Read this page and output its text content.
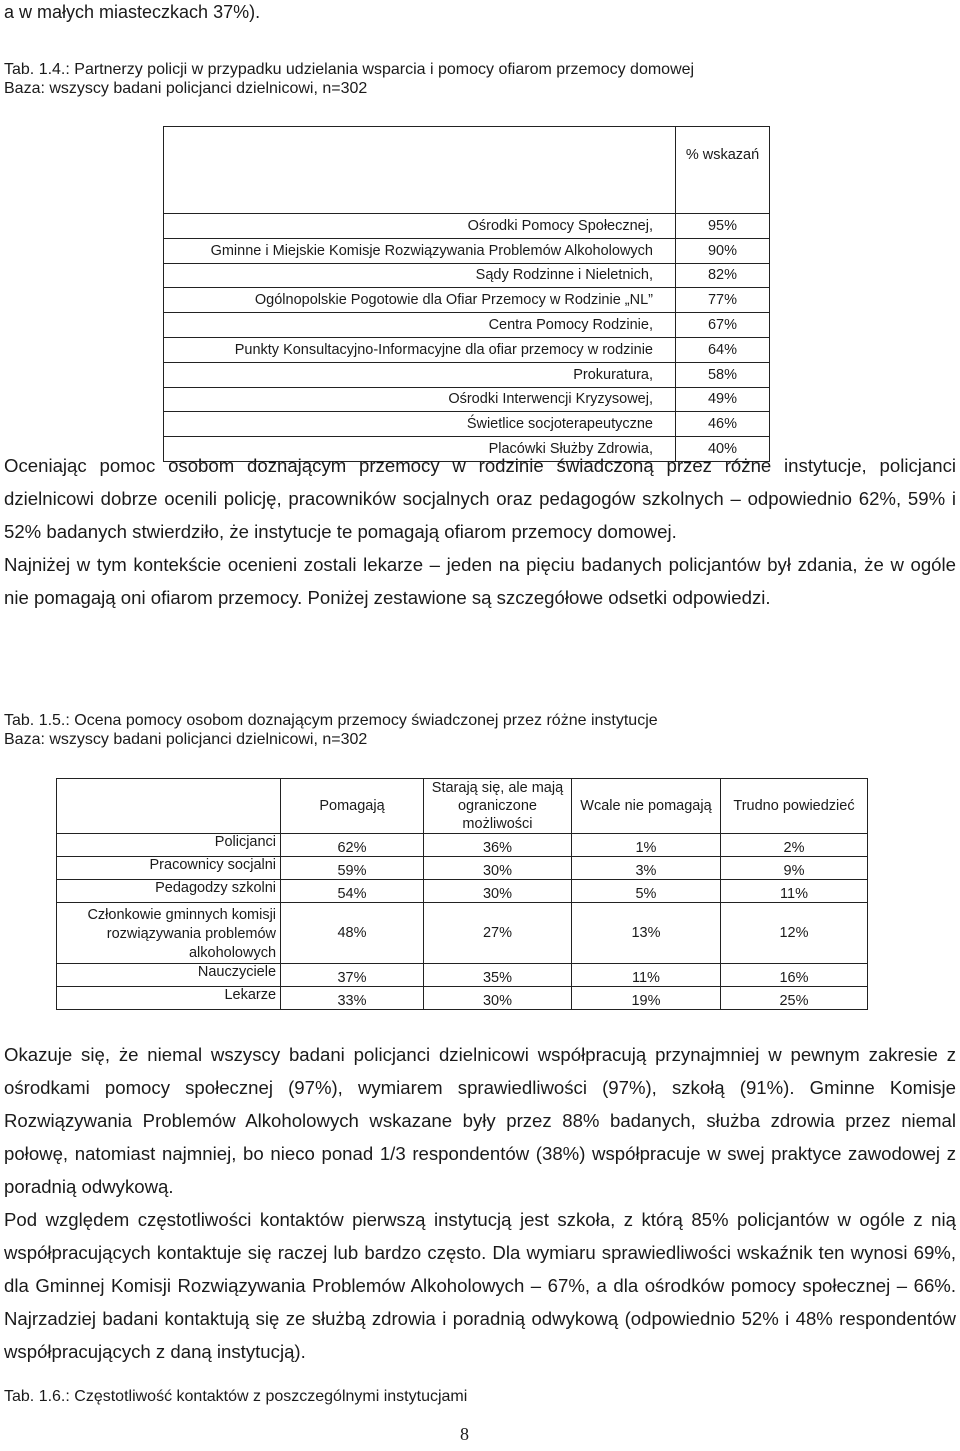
a w małych miasteczkach 37%).
Tab. 1.4.: Partnerzy policji w przypadku udzielania wsparcia i pomocy ofiarom przemocy domowej
Baza: wszyscy badani policjanci dzielnicowi, n=302
	% wskazań
Ośrodki Pomocy Społecznej,	95%
Gminne i Miejskie Komisje Rozwiązywania Problemów Alkoholowych	90%
Sądy Rodzinne i Nieletnich,	82%
Ogólnopolskie Pogotowie dla Ofiar Przemocy w Rodzinie „NL”	77%
Centra Pomocy Rodzinie,	67%
Punkty Konsultacyjno-Informacyjne dla ofiar przemocy w rodzinie	64%
Prokuratura,	58%
Ośrodki Interwencji Kryzysowej,	49%
Świetlice socjoterapeutyczne	46%
Placówki Służby Zdrowia,	40%

Oceniając pomoc osobom doznającym przemocy w rodzinie świadczoną przez różne instytucje, policjanci dzielnicowi dobrze ocenili policję, pracowników socjalnych oraz pedagogów szkolnych – odpowiednio 62%, 59% i 52% badanych stwierdziło, że instytucje te pomagają ofiarom przemocy domowej.

Najniżej w tym kontekście ocenieni zostali lekarze – jeden na pięciu badanych policjantów był zdania, że w ogóle nie pomagają oni ofiarom przemocy. Poniżej zestawione są szczegółowe odsetki odpowiedzi.

Tab. 1.5.: Ocena pomocy osobom doznającym przemocy świadczonej przez różne instytucje
Baza: wszyscy badani policjanci dzielnicowi, n=302
	Pomagają	Starają się, ale mają ograniczone możliwości	Wcale nie pomagają	Trudno powiedzieć
Policjanci	62%	36%	1%	2%
Pracownicy socjalni	59%	30%	3%	9%
Pedagodzy szkolni	54%	30%	5%	11%
Członkowie gminnych komisji rozwiązywania problemów alkoholowych	48%	27%	13%	12%
Nauczyciele	37%	35%	11%	16%
Lekarze	33%	30%	19%	25%

Okazuje się, że niemal wszyscy badani policjanci dzielnicowi współpracują przynajmniej w pewnym zakresie z ośrodkami pomocy społecznej (97%), wymiarem sprawiedliwości (97%), szkołą (91%). Gminne Komisje Rozwiązywania Problemów Alkoholowych wskazane były przez 88% badanych, służba zdrowia przez niemal połowę, natomiast najmniej, bo nieco ponad 1/3 respondentów (38%) współpracuje w swej praktyce zawodowej z poradnią odwykową.

Pod względem częstotliwości kontaktów pierwszą instytucją jest szkoła, z którą 85% policjantów w ogóle z nią współpracujących kontaktuje się raczej lub bardzo często. Dla wymiaru sprawiedliwości wskaźnik ten wynosi 69%, dla Gminnej Komisji Rozwiązywania Problemów Alkoholowych – 67%, a dla ośrodków pomocy społecznej – 66%. Najrzadziej badani kontaktują się ze służbą zdrowia i poradnią odwykową (odpowiednio 52% i 48% respondentów współpracujących z daną instytucją).

Tab. 1.6.: Częstotliwość kontaktów z poszczególnymi instytucjami
8
